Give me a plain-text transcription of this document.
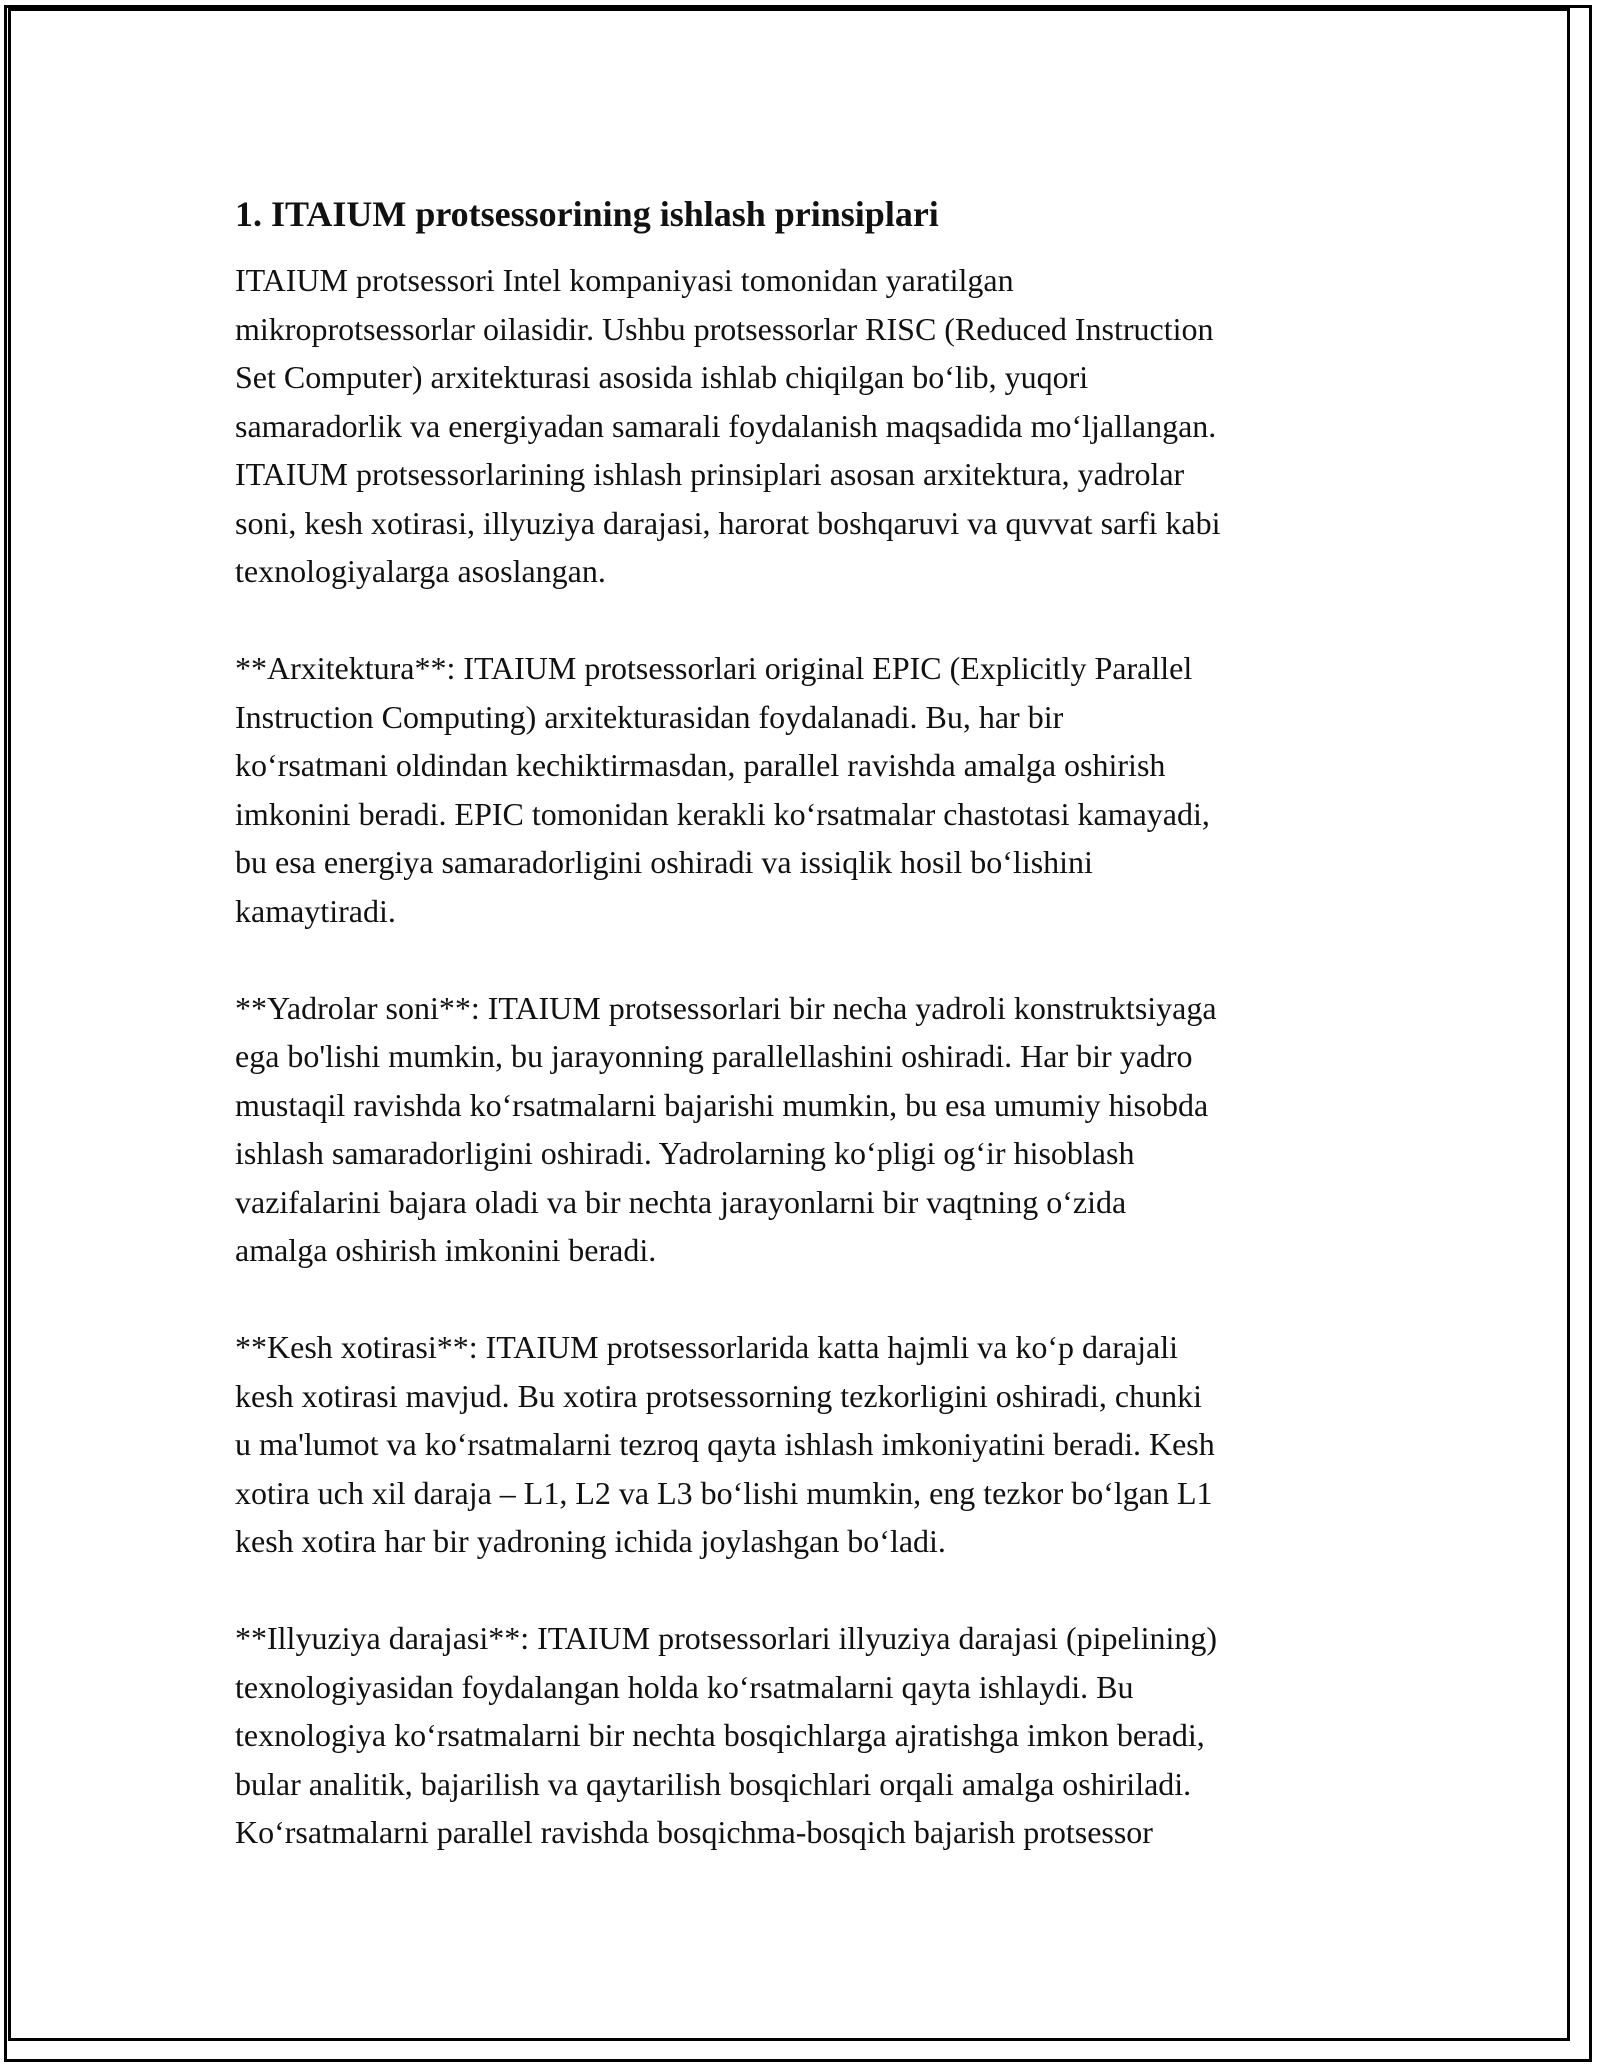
1. ITAIUM protsessorining ishlash prinsiplari
ITAIUM protsessori Intel kompaniyasi tomonidan yaratilgan
mikroprotsessorlar oilasidir. Ushbu protsessorlar RISC (Reduced Instruction
Set Computer) arxitekturasi asosida ishlab chiqilgan bo‘lib, yuqori
samaradorlik va energiyadan samarali foydalanish maqsadida mo‘ljallangan.
ITAIUM protsessorlarining ishlash prinsiplari asosan arxitektura, yadrolar
soni, kesh xotirasi, illyuziya darajasi, harorat boshqaruvi va quvvat sarfi kabi
texnologiyalarga asoslangan.
**Arxitektura**: ITAIUM protsessorlari original EPIC (Explicitly Parallel
Instruction Computing) arxitekturasidan foydalanadi. Bu, har bir
ko‘rsatmani oldindan kechiktirmasdan, parallel ravishda amalga oshirish
imkonini beradi. EPIC tomonidan kerakli ko‘rsatmalar chastotasi kamayadi,
bu esa energiya samaradorligini oshiradi va issiqlik hosil bo‘lishini
kamaytiradi.
**Yadrolar soni**: ITAIUM protsessorlari bir necha yadroli konstruktsiyaga
ega bo'lishi mumkin, bu jarayonning parallellashini oshiradi. Har bir yadro
mustaqil ravishda ko‘rsatmalarni bajarishi mumkin, bu esa umumiy hisobda
ishlash samaradorligini oshiradi. Yadrolarning ko‘pligi og‘ir hisoblash
vazifalarini bajara oladi va bir nechta jarayonlarni bir vaqtning o‘zida
amalga oshirish imkonini beradi.
**Kesh xotirasi**: ITAIUM protsessorlarida katta hajmli va ko‘p darajali
kesh xotirasi mavjud. Bu xotira protsessorning tezkorligini oshiradi, chunki
u ma'lumot va ko‘rsatmalarni tezroq qayta ishlash imkoniyatini beradi. Kesh
xotira uch xil daraja – L1, L2 va L3 bo‘lishi mumkin, eng tezkor bo‘lgan L1
kesh xotira har bir yadroning ichida joylashgan bo‘ladi.
**Illyuziya darajasi**: ITAIUM protsessorlari illyuziya darajasi (pipelining)
texnologiyasidan foydalangan holda ko‘rsatmalarni qayta ishlaydi. Bu
texnologiya ko‘rsatmalarni bir nechta bosqichlarga ajratishga imkon beradi,
bular analitik, bajarilish va qaytarilish bosqichlari orqali amalga oshiriladi.
Ko‘rsatmalarni parallel ravishda bosqichma-bosqich bajarish protsessor
